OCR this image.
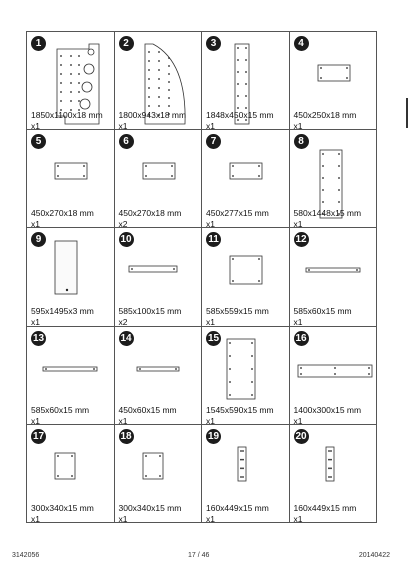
1
1850x1100x18 mm
x1
2
1800x943x18 mm
x1
3
1848x450x15 mm
x1
4
450x250x18 mm
x1
5
450x270x18 mm
x1
6
450x270x18 mm
x2
7
450x277x15 mm
x1
8
580x1448x15 mm
x1
9
595x1495x3 mm
x1
10
585x100x15 mm
x2
11
585x559x15 mm
x1
12
585x60x15 mm
x1
13
585x60x15 mm
x1
14
450x60x15 mm
x1
15
1545x590x15 mm
x1
16
1400x300x15 mm
x1
17
300x340x15 mm
x1
18
300x340x15 mm
x1
19
160x449x15 mm
x1
20
160x449x15 mm
x1
3142056	17 / 46	20140422
